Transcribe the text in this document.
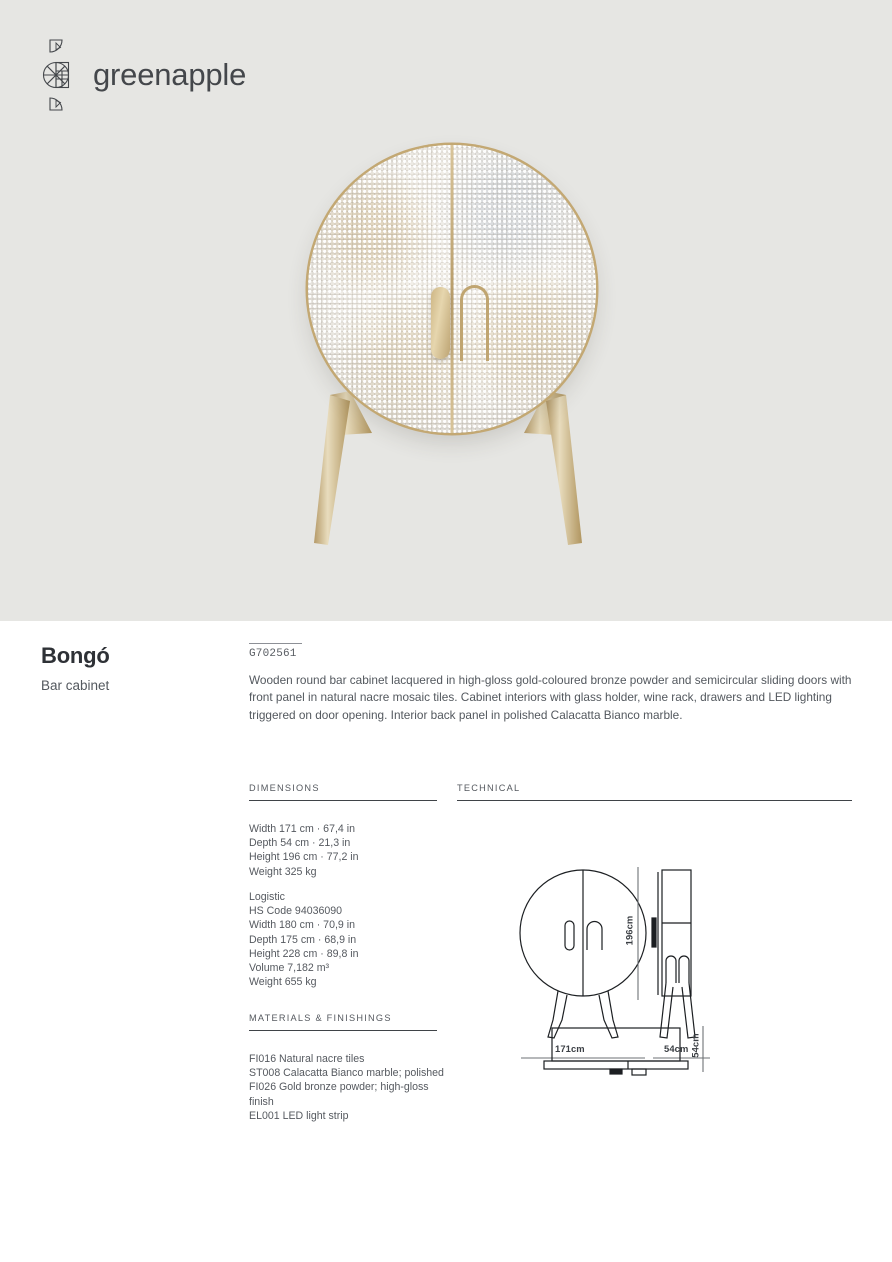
greenapple
Bongó
Bar cabinet
G702561
Wooden round bar cabinet lacquered in high-gloss gold-coloured bronze powder and semicircular sliding doors with front panel in natural nacre mosaic tiles. Cabinet interiors with glass holder, wine rack, drawers and LED lighting triggered on door opening. Interior back panel in polished Calacatta Bianco marble.
DIMENSIONS	TECHNICAL
MATERIALS & FINISHINGS
Width 171 cm · 67,4 in
Depth 54 cm · 21,3 in
Height 196 cm · 77,2 in
Weight 325 kg
Logistic
HS Code 94036090
Width 180 cm · 70,9 in
Depth 175 cm · 68,9 in
Height 228 cm · 89,8 in
Volume 7,182 m³
Weight 655 kg
FI016 Natural nacre tiles
ST008 Calacatta Bianco marble; polished
FI026 Gold bronze powder; high-gloss finish
EL001 LED light strip
171cm	54cm
196cm
54cm
